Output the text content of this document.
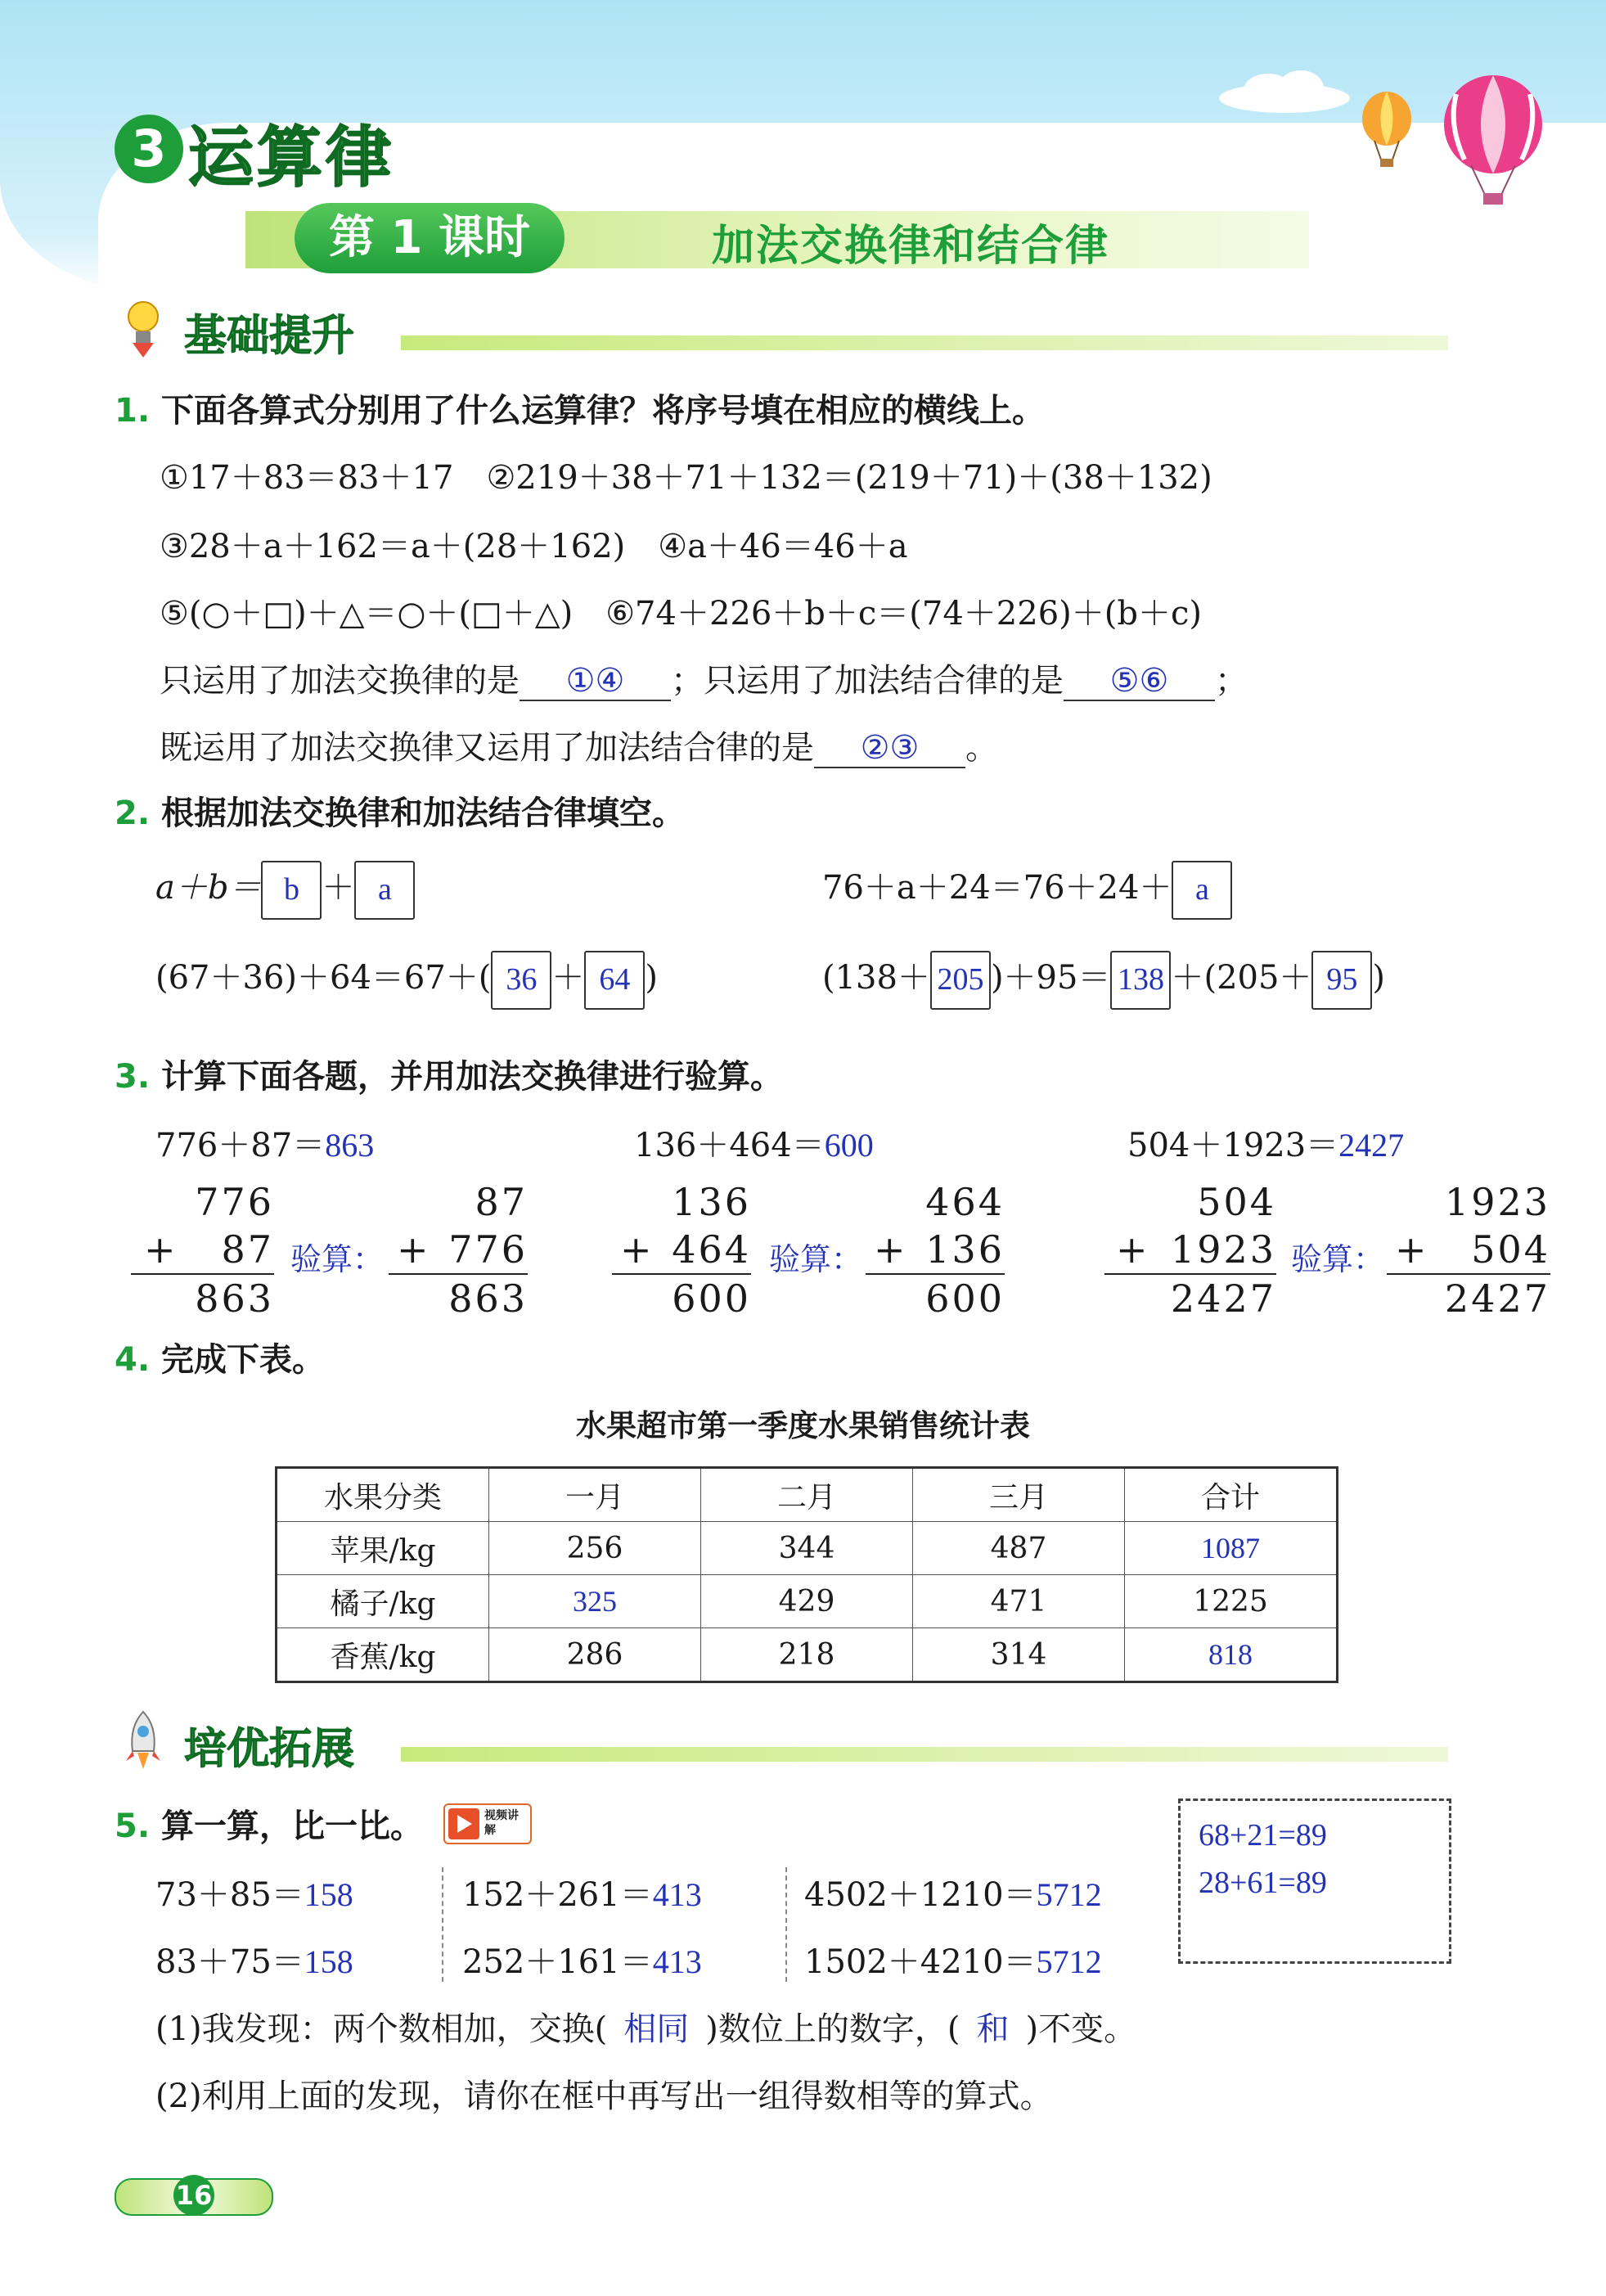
3 运算律
第 1 课时	加法交换律和结合律
基础提升
1. 下面各算式分别用了什么运算律？将序号填在相应的横线上。
①17＋83＝83＋17　②219＋38＋71＋132＝(219＋71)＋(38＋132)
③28＋a＋162＝a＋(28＋162)　④a＋46＝46＋a
⑤(○＋□)＋△＝○＋(□＋△)　⑥74＋226＋b＋c＝(74＋226)＋(b＋c)
只运用了加法交换律的是 ①④ ；只运用了加法结合律的是 ⑤⑥ ；
既运用了加法交换律又运用了加法结合律的是 ②③ 。
2. 根据加法交换律和加法结合律填空。
a＋b＝ b ＋ a	76＋a＋24＝76＋24＋ a
(67＋36)＋64＝67＋( 36 ＋ 64 )	(138＋ 205 )＋95＝ 138 ＋(205＋ 95 )
3. 计算下面各题，并用加法交换律进行验算。
776＋87＝863
776
+ 87
863
验算：
87
+ 776
863
136＋464＝600
136
+ 464
600
验算：
464
+ 136
600
504＋1923＝2427
504
+ 1923
2427
验算：
1923
+ 504
2427
4. 完成下表。
水果超市第一季度水果销售统计表
水果分类	一月	二月	三月	合计
苹果/kg	256	344	487	1087
橘子/kg	325	429	471	1225
香蕉/kg	286	218	314	818
培优拓展
5. 算一算，比一比。	视频讲解
73＋85＝158
83＋75＝158
152＋261＝413
252＋161＝413
4502＋1210＝5712
1502＋4210＝5712
68+21=89
28+61=89
(1)我发现：两个数相加，交换( 相同 )数位上的数字，( 和 )不变。
(2)利用上面的发现，请你在框中再写出一组得数相等的算式。
16
